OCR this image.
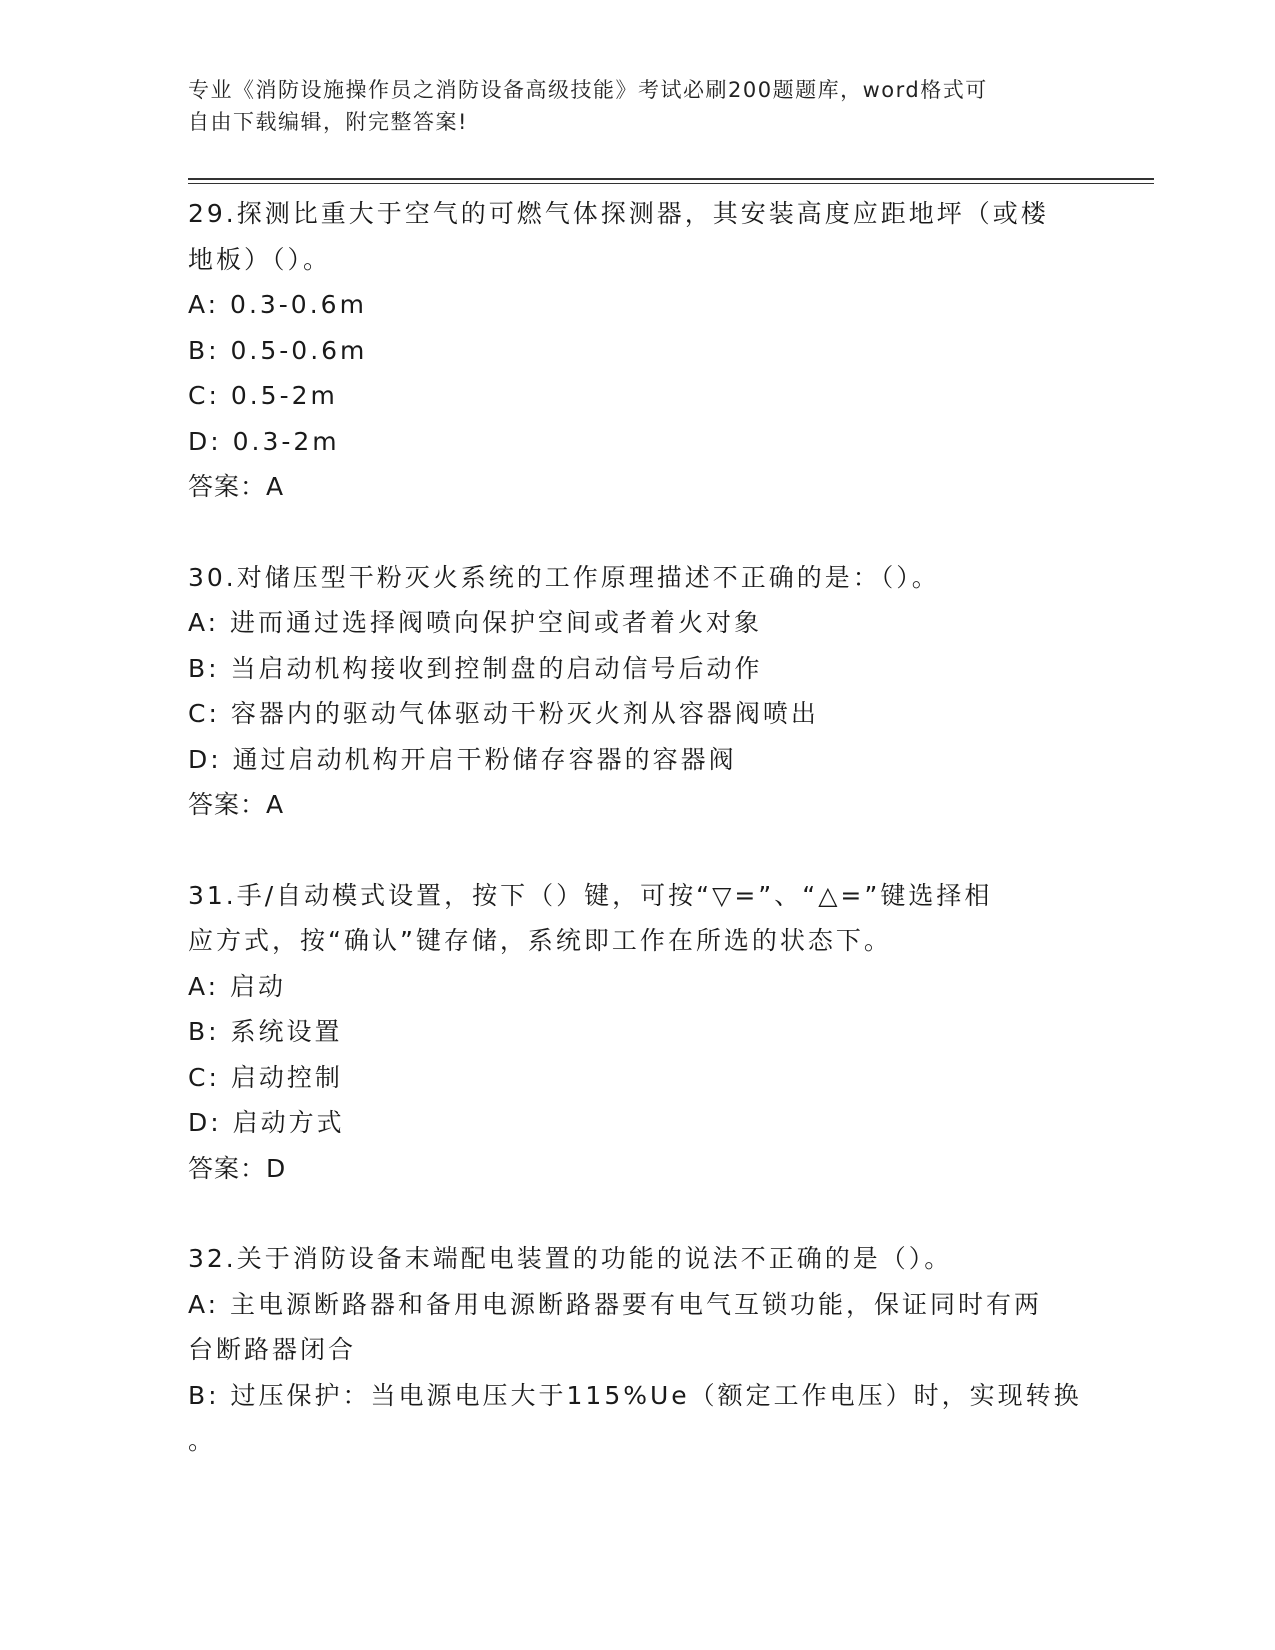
专业《消防设施操作员之消防设备高级技能》考试必刷200题题库，word格式可
自由下载编辑，附完整答案!
29.探测比重大于空气的可燃气体探测器，其安装高度应距地坪（或楼
地板）（）。
A: 0.3-0.6m
B: 0.5-0.6m
C: 0.5-2m
D: 0.3-2m
答案：A
30.对储压型干粉灭火系统的工作原理描述不正确的是：（）。
A: 进而通过选择阀喷向保护空间或者着火对象
B: 当启动机构接收到控制盘的启动信号后动作
C: 容器内的驱动气体驱动干粉灭火剂从容器阀喷出
D: 通过启动机构开启干粉储存容器的容器阀
答案：A
31.手/自动模式设置，按下（）键，可按“▽=”、“△=”键选择相
应方式，按“确认”键存储，系统即工作在所选的状态下。
A: 启动
B: 系统设置
C: 启动控制
D: 启动方式
答案：D
32.关于消防设备末端配电装置的功能的说法不正确的是（）。
A: 主电源断路器和备用电源断路器要有电气互锁功能，保证同时有两
台断路器闭合
B: 过压保护：当电源电压大于115%Ue（额定工作电压）时，实现转换
。
